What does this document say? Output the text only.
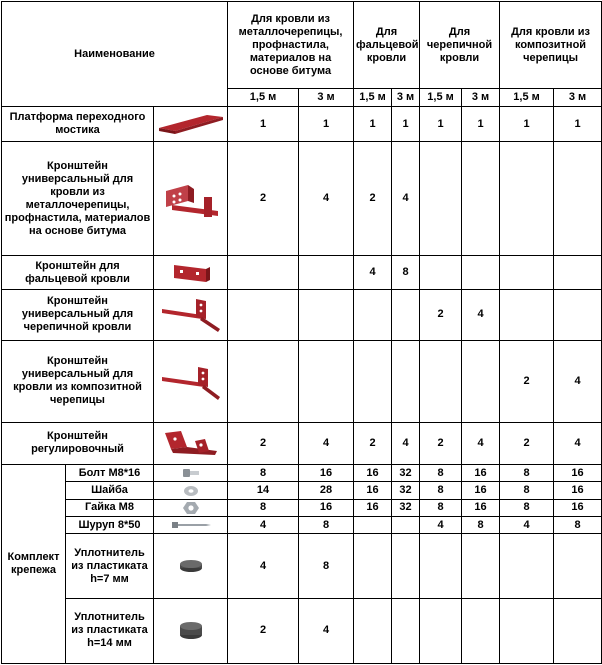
Наименование			Для кровли из металлочерепицы, профнастила, материалов на основе битума		Для фальцевой кровли		Для черепичной кровли		Для кровли из композитной черепицы	
			1,5 м	3 м	1,5 м	3 м	1,5 м	3 м	1,5 м	3 м
Платформа переходного мостика			1	1	1	1	1	1	1	1
Кронштейн универсальный для кровли из металлочерепицы, профнастила, материалов на основе битума			2	4	2	4				
Кронштейн для фальцевой кровли					4	8				
Кронштейн универсальный для черепичной кровли							2	4		
Кронштейн универсальный для кровли из композитной черепицы									2	4
Кронштейн регулировочный			2	4	2	4	2	4	2	4
Комплект крепежа	Болт М8*16		8	16	16	32	8	16	8	16
	Шайба		14	28	16	32	8	16	8	16
	Гайка М8		8	16	16	32	8	16	8	16
	Шуруп 8*50		4	8			4	8	4	8
	Уплотнитель из пластиката h=7 мм		4	8						
	Уплотнитель из пластиката h=14 мм		2	4						
